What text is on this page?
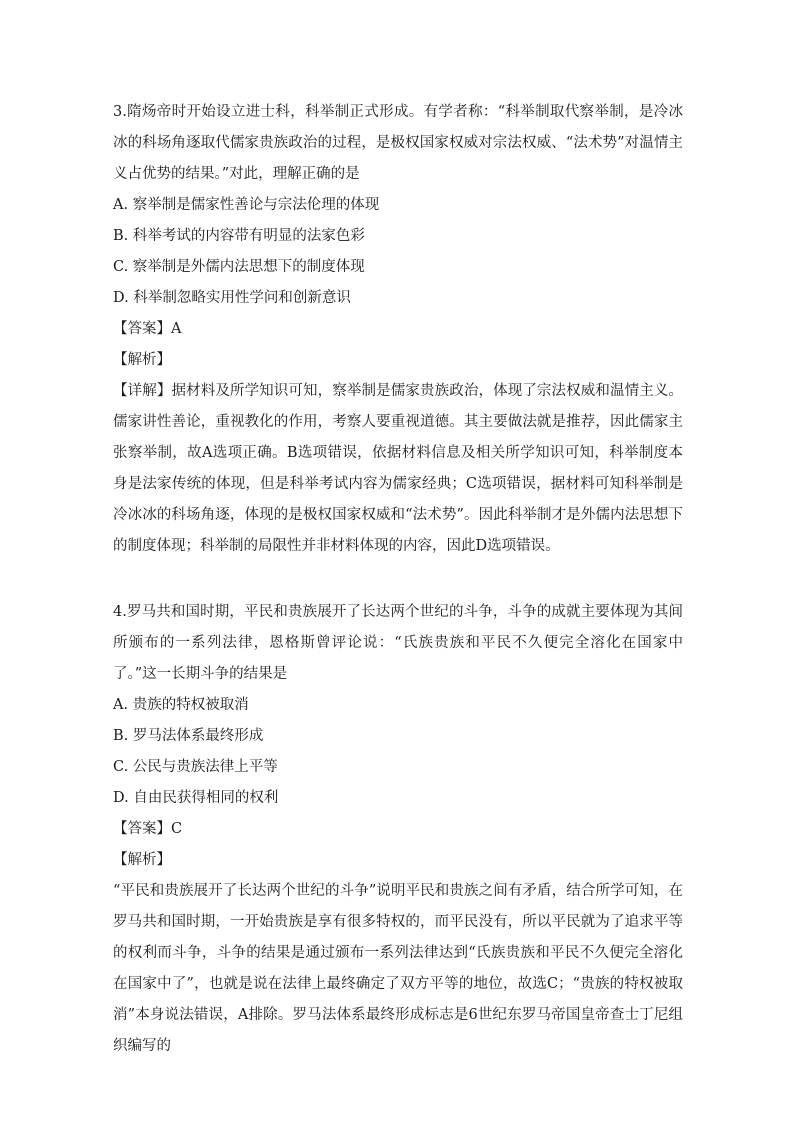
3.隋炀帝时开始设立进士科，科举制正式形成。有学者称：“科举制取代察举制，是冷冰冰的科场角逐取代儒家贵族政治的过程，是极权国家权威对宗法权威、“法术势”对温情主义占优势的结果。”对此，理解正确的是

A. 察举制是儒家性善论与宗法伦理的体现

B. 科举考试的内容带有明显的法家色彩

C. 察举制是外儒内法思想下的制度体现

D. 科举制忽略实用性学问和创新意识

【答案】A

【解析】

【详解】据材料及所学知识可知，察举制是儒家贵族政治，体现了宗法权威和温情主义。儒家讲性善论，重视教化的作用，考察人要重视道德。其主要做法就是推荐，因此儒家主张察举制，故A选项正确。B选项错误，依据材料信息及相关所学知识可知，科举制度本身是法家传统的体现，但是科举考试内容为儒家经典；C选项错误，据材料可知科举制是冷冰冰的科场角逐，体现的是极权国家权威和“法术势”。因此科举制才是外儒内法思想下的制度体现；科举制的局限性并非材料体现的内容，因此D选项错误。

4.罗马共和国时期，平民和贵族展开了长达两个世纪的斗争，斗争的成就主要体现为其间所颁布的一系列法律，恩格斯曾评论说：“氏族贵族和平民不久便完全溶化在国家中了。”这一长期斗争的结果是

A. 贵族的特权被取消

B. 罗马法体系最终形成

C. 公民与贵族法律上平等

D. 自由民获得相同的权利

【答案】C

【解析】

“平民和贵族展开了长达两个世纪的斗争”说明平民和贵族之间有矛盾，结合所学可知，在罗马共和国时期，一开始贵族是享有很多特权的，而平民没有，所以平民就为了追求平等的权利而斗争，斗争的结果是通过颁布一系列法律达到“氏族贵族和平民不久便完全溶化在国家中了”，也就是说在法律上最终确定了双方平等的地位，故选C；“贵族的特权被取消”本身说法错误，A排除。罗马法体系最终形成标志是6世纪东罗马帝国皇帝查士丁尼组织编写的
